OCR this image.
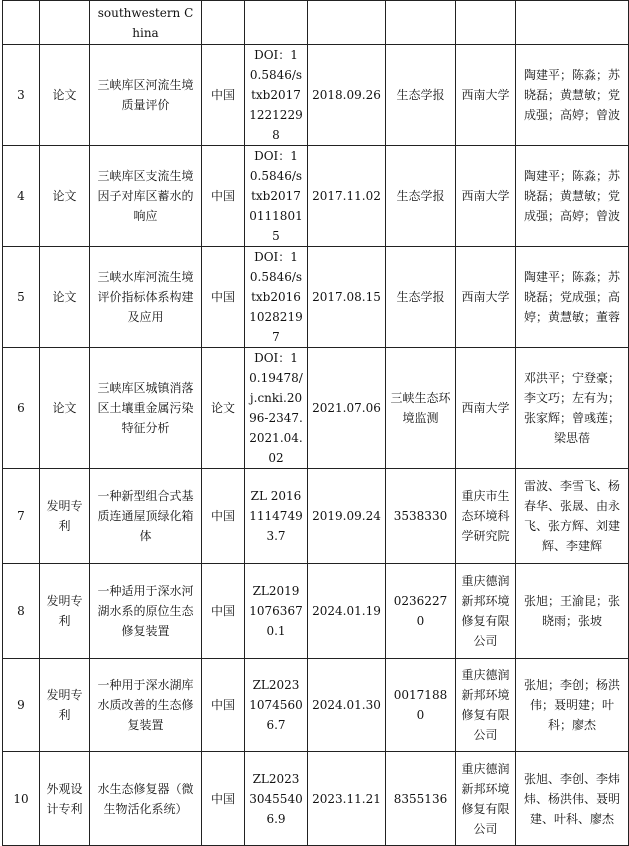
		southwestern China						
3	论文	三峡库区河流生境质量评价	中国	DOI：10.5846/stxb201712212298	2018.09.26	生态学报	西南大学	陶建平；陈淼；苏晓磊；黄慧敏；党成强；高婷；曾波
4	论文	三峡库区支流生境因子对库区蓄水的响应	中国	DOI：10.5846/stxb201701118015	2017.11.02	生态学报	西南大学	陶建平；陈淼；苏晓磊；黄慧敏；党成强；高婷；曾波
5	论文	三峡水库河流生境评价指标体系构建及应用	中国	DOI：10.5846/stxb201610282197	2017.08.15	生态学报	西南大学	陶建平；陈淼；苏晓磊；党成强；高婷；黄慧敏；董蓉
6	论文	三峡库区城镇消落区土壤重金属污染特征分析	论文	DOI：10.19478/j.cnki.2096-2347.2021.04.02	2021.07.06	三峡生态环境监测	西南大学	邓洪平；宁登豪；李文巧；左有为；张家辉；曾彧莲；梁思蓓
7	发明专利	一种新型组合式基质连通屋顶绿化箱体	中国	ZL 201611147493.7	2019.09.24	3538330	重庆市生态环境科学研究院	雷波、李雪飞、杨春华、张晟、由永飞、张方辉、刘建辉、李建辉
8	发明专利	一种适用于深水河湖水系的原位生态修复装置	中国	ZL201910763670.1	2024.01.19	02362270	重庆德润新邦环境修复有限公司	张旭；王渝昆；张晓雨；张坡
9	发明专利	一种用于深水湖库水质改善的生态修复装置	中国	ZL202310745606.7	2024.01.30	00171880	重庆德润新邦环境修复有限公司	张旭；李创；杨洪伟；聂明建；叶科；廖杰
10	外观设计专利	水生态修复器（微生物活化系统）	中国	ZL202330455406.9	2023.11.21	8355136	重庆德润新邦环境修复有限公司	张旭、李创、李炜炜、杨洪伟、聂明建、叶科、廖杰
